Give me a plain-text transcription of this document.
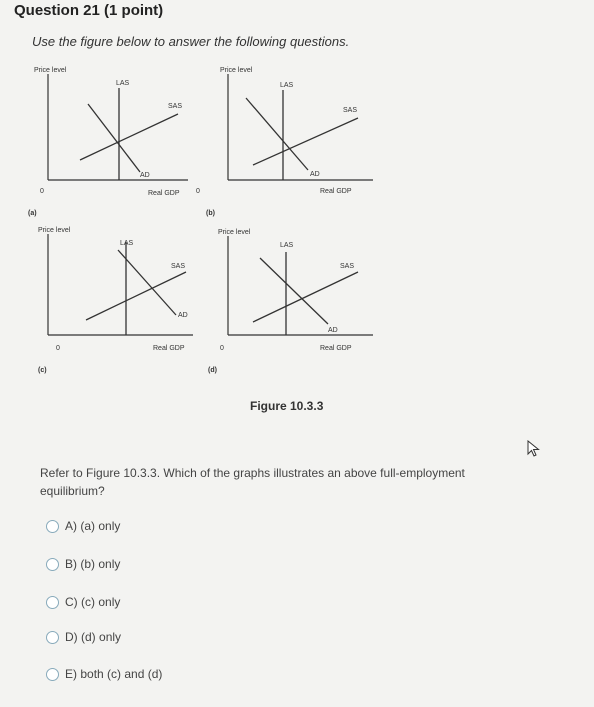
Question 21 (1 point)
Use the figure below to answer the following questions.
Price level
0	Real GDP
LAS
SAS
AD
(a)
Price level
0	Real GDP
LAS
SAS
AD
(b)
Price level
0	Real GDP
LAS
SAS
AD
(c)
Price level
0	Real GDP
LAS
SAS
AD
(d)
Figure 10.3.3
Refer to Figure 10.3.3. Which of the graphs illustrates an above full-employment equilibrium?
A)
(a) only
B)
(b) only
C)
(c) only
D)
(d) only
E)
both (c) and (d)
